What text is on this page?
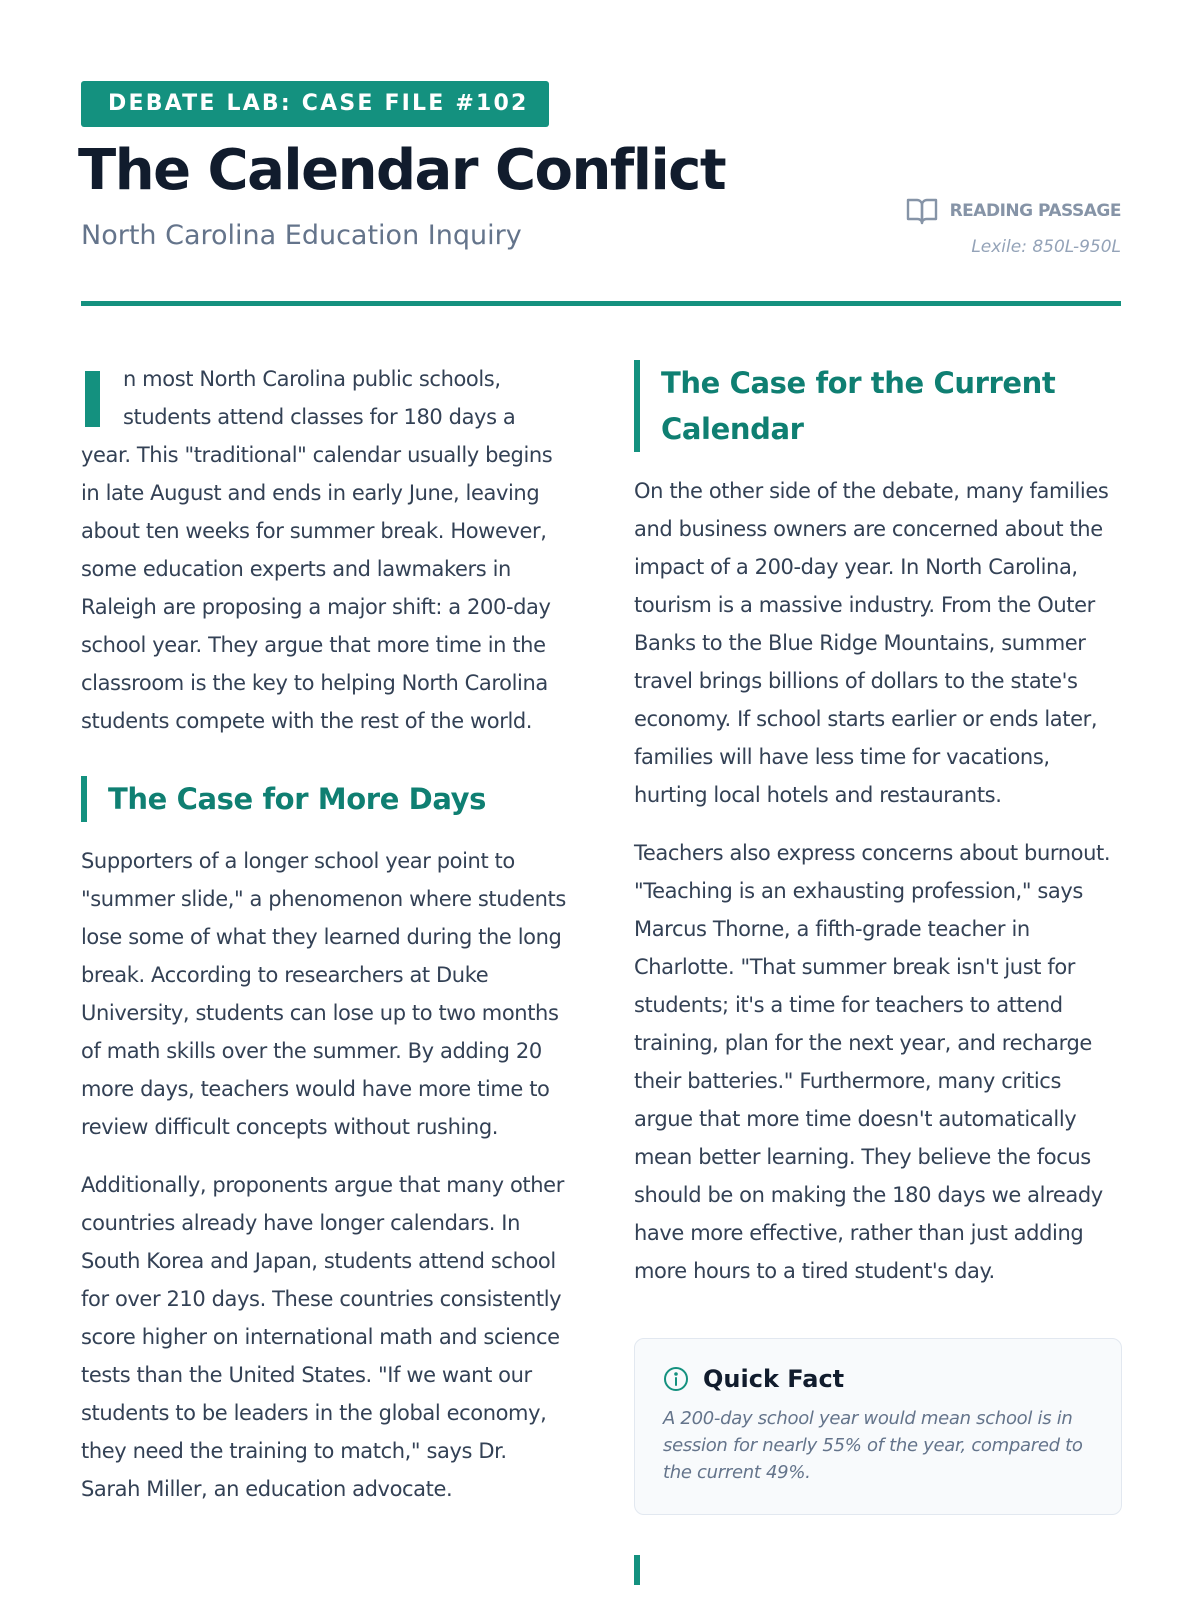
DEBATE LAB: CASE FILE #102
The Calendar Conflict
North Carolina Education Inquiry
READING PASSAGE
Lexile: 850L-950L

n most North Carolina public schools, students attend classes for 180 days a year. This "traditional" calendar usually begins in late August and ends in early June, leaving about ten weeks for summer break. However, some education experts and lawmakers in Raleigh are proposing a major shift: a 200-day school year. They argue that more time in the classroom is the key to helping North Carolina students compete with the rest of the world.

The Case for More Days

Supporters of a longer school year point to "summer slide," a phenomenon where students lose some of what they learned during the long break. According to researchers at Duke University, students can lose up to two months of math skills over the summer. By adding 20 more days, teachers would have more time to review difficult concepts without rushing.

Additionally, proponents argue that many other countries already have longer calendars. In South Korea and Japan, students attend school for over 210 days. These countries consistently score higher on international math and science tests than the United States. "If we want our students to be leaders in the global economy, they need the training to match," says Dr. Sarah Miller, an education advocate.

The Case for the Current Calendar

On the other side of the debate, many families and business owners are concerned about the impact of a 200-day year. In North Carolina, tourism is a massive industry. From the Outer Banks to the Blue Ridge Mountains, summer travel brings billions of dollars to the state's economy. If school starts earlier or ends later, families will have less time for vacations, hurting local hotels and restaurants.

Teachers also express concerns about burnout. "Teaching is an exhausting profession," says Marcus Thorne, a fifth-grade teacher in Charlotte. "That summer break isn't just for students; it's a time for teachers to attend training, plan for the next year, and recharge their batteries." Furthermore, many critics argue that more time doesn't automatically mean better learning. They believe the focus should be on making the 180 days we already have more effective, rather than just adding more hours to a tired student's day.

Quick Fact
A 200-day school year would mean school is in session for nearly 55% of the year, compared to the current 49%.
